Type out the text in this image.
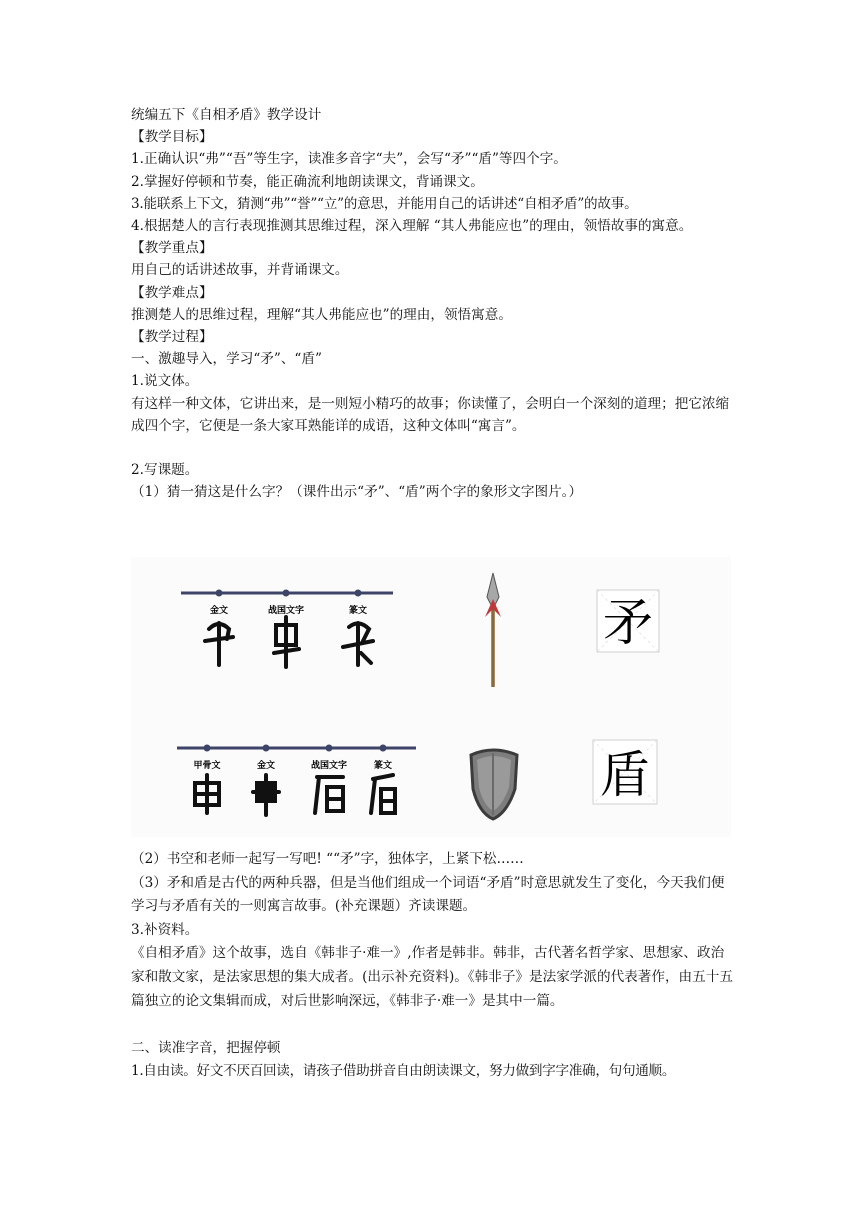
统编五下《自相矛盾》教学设计

【教学目标】

1.正确认识“弗”“吾”等生字，读准多音字“夫”，会写“矛”“盾”等四个字。

2.掌握好停顿和节奏，能正确流利地朗读课文，背诵课文。

3.能联系上下文，猜测“弗”“誉”“立”的意思，并能用自己的话讲述“自相矛盾”的故事。

4.根据楚人的言行表现推测其思维过程，深入理解 “其人弗能应也”的理由，领悟故事的寓意。

【教学重点】

用自己的话讲述故事，并背诵课文。

【教学难点】

推测楚人的思维过程，理解“其人弗能应也”的理由，领悟寓意。

【教学过程】

一、激趣导入，学习“矛”、“盾”

1.说文体。

有这样一种文体，它讲出来，是一则短小精巧的故事；你读懂了，会明白一个深刻的道理；把它浓缩成四个字，它便是一条大家耳熟能详的成语，这种文体叫“寓言”。

2.写课题。

（1）猜一猜这是什么字？（课件出示“矛”、“盾”两个字的象形文字图片。）

金文	战国文字	篆文	矛
甲骨文	金文	战国文字	篆文	盾

（2）书空和老师一起写一写吧! ““矛”字，独体字，上紧下松……

（3）矛和盾是古代的两种兵器，但是当他们组成一个词语“矛盾”时意思就发生了变化，今天我们便学习与矛盾有关的一则寓言故事。(补充课题）齐读课题。

3.补资料。

《自相矛盾》这个故事，选自《韩非子·难一》,作者是韩非。韩非，古代著名哲学家、思想家、政治家和散文家，是法家思想的集大成者。(出示补充资料)。《韩非子》是法家学派的代表著作，由五十五篇独立的论文集辑而成，对后世影响深远，《韩非子·难一》是其中一篇。

二、读准字音，把握停顿

1.自由读。好文不厌百回读，请孩子借助拼音自由朗读课文，努力做到字字准确，句句通顺。
